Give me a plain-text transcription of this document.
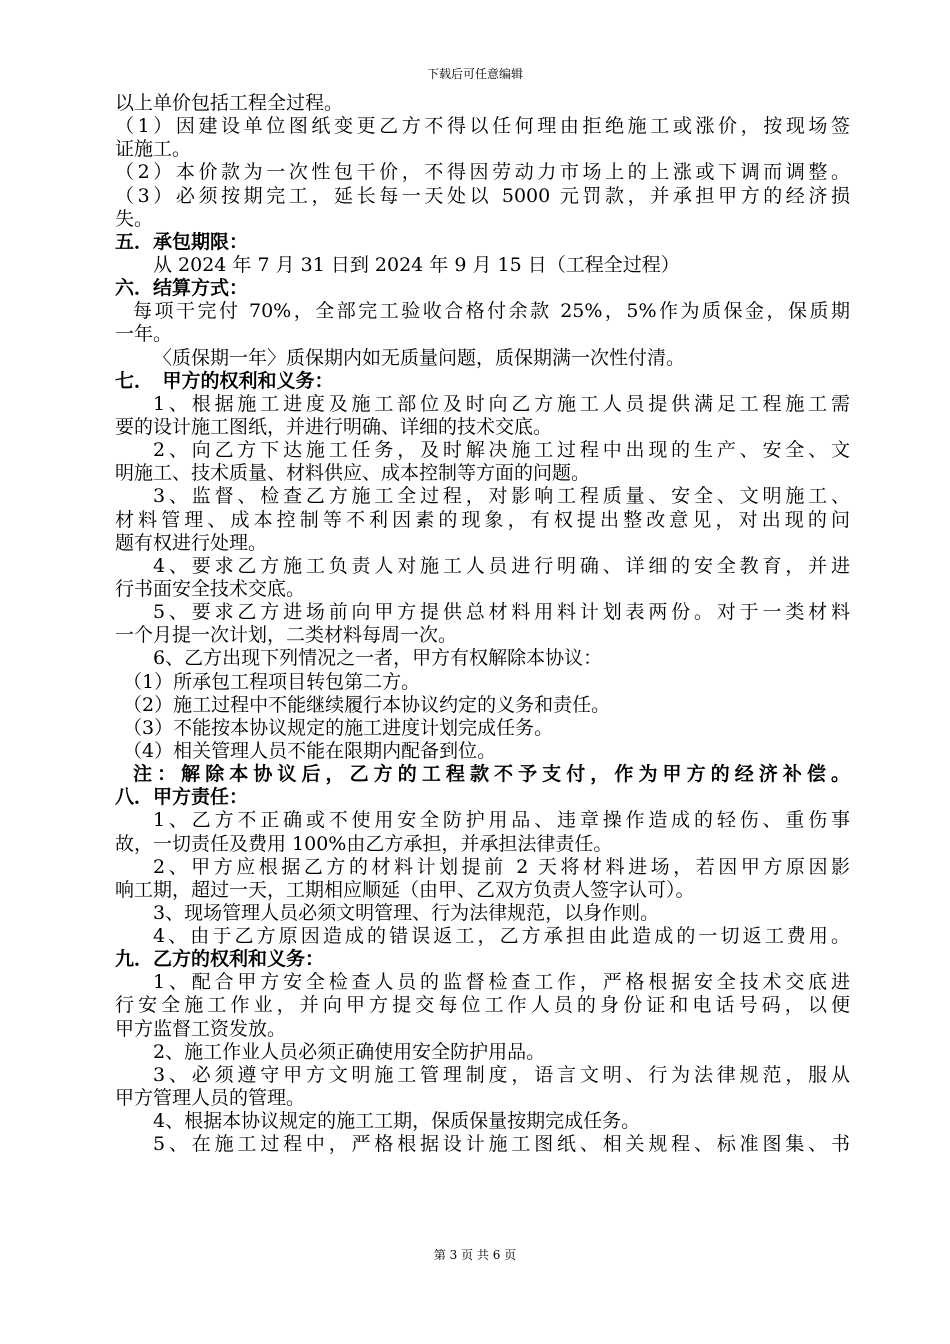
下载后可任意编辑
以上单价包括工程全过程。
（1）因建设单位图纸变更乙方不得以任何理由拒绝施工或涨价，按现场签
证施工。
（2）本价款为一次性包干价，不得因劳动力市场上的上涨或下调而调整。
（3）必须按期完工，延长每一天处以 5000 元罚款，并承担甲方的经济损
失。
五．承包期限：
从 2024 年 7 月 31 日到 2024 年 9 月 15 日（工程全过程）
六．结算方式：
每项干完付 70%，全部完工验收合格付余款 25%，5%作为质保金，保质期
一年。
〈质保期一年〉质保期内如无质量问题，质保期满一次性付清。
七．　甲方的权利和义务：
1、根据施工进度及施工部位及时向乙方施工人员提供满足工程施工需
要的设计施工图纸，并进行明确、详细的技术交底。
2、向乙方下达施工任务，及时解决施工过程中出现的生产、安全、文
明施工、技术质量、材料供应、成本控制等方面的问题。
3、监督、检查乙方施工全过程，对影响工程质量、安全、文明施工、
材料管理、成本控制等不利因素的现象，有权提出整改意见，对出现的问
题有权进行处理。
4、要求乙方施工负责人对施工人员进行明确、详细的安全教育，并进
行书面安全技术交底。
5、要求乙方进场前向甲方提供总材料用料计划表两份。对于一类材料
一个月提一次计划，二类材料每周一次。
6、乙方出现下列情况之一者，甲方有权解除本协议：
（1）所承包工程项目转包第二方。
（2）施工过程中不能继续履行本协议约定的义务和责任。
（3）不能按本协议规定的施工进度计划完成任务。
（4）相关管理人员不能在限期内配备到位。
注：解除本协议后，乙方的工程款不予支付，作为甲方的经济补偿。
八．甲方责任：
1、乙方不正确或不使用安全防护用品、违章操作造成的轻伤、重伤事
故，一切责任及费用 100%由乙方承担，并承担法律责任。
2、甲方应根据乙方的材料计划提前 2 天将材料进场，若因甲方原因影
响工期，超过一天，工期相应顺延（由甲、乙双方负责人签字认可）。
3、现场管理人员必须文明管理、行为法律规范，以身作则。
4、由于乙方原因造成的错误返工，乙方承担由此造成的一切返工费用。
九．乙方的权利和义务：
1、配合甲方安全检查人员的监督检查工作，严格根据安全技术交底进
行安全施工作业，并向甲方提交每位工作人员的身份证和电话号码，以便
甲方监督工资发放。
2、施工作业人员必须正确使用安全防护用品。
3、必须遵守甲方文明施工管理制度，语言文明、行为法律规范，服从
甲方管理人员的管理。
4、根据本协议规定的施工工期，保质保量按期完成任务。
5、在施工过程中，严格根据设计施工图纸、相关规程、标准图集、书
第 3 页 共 6 页
